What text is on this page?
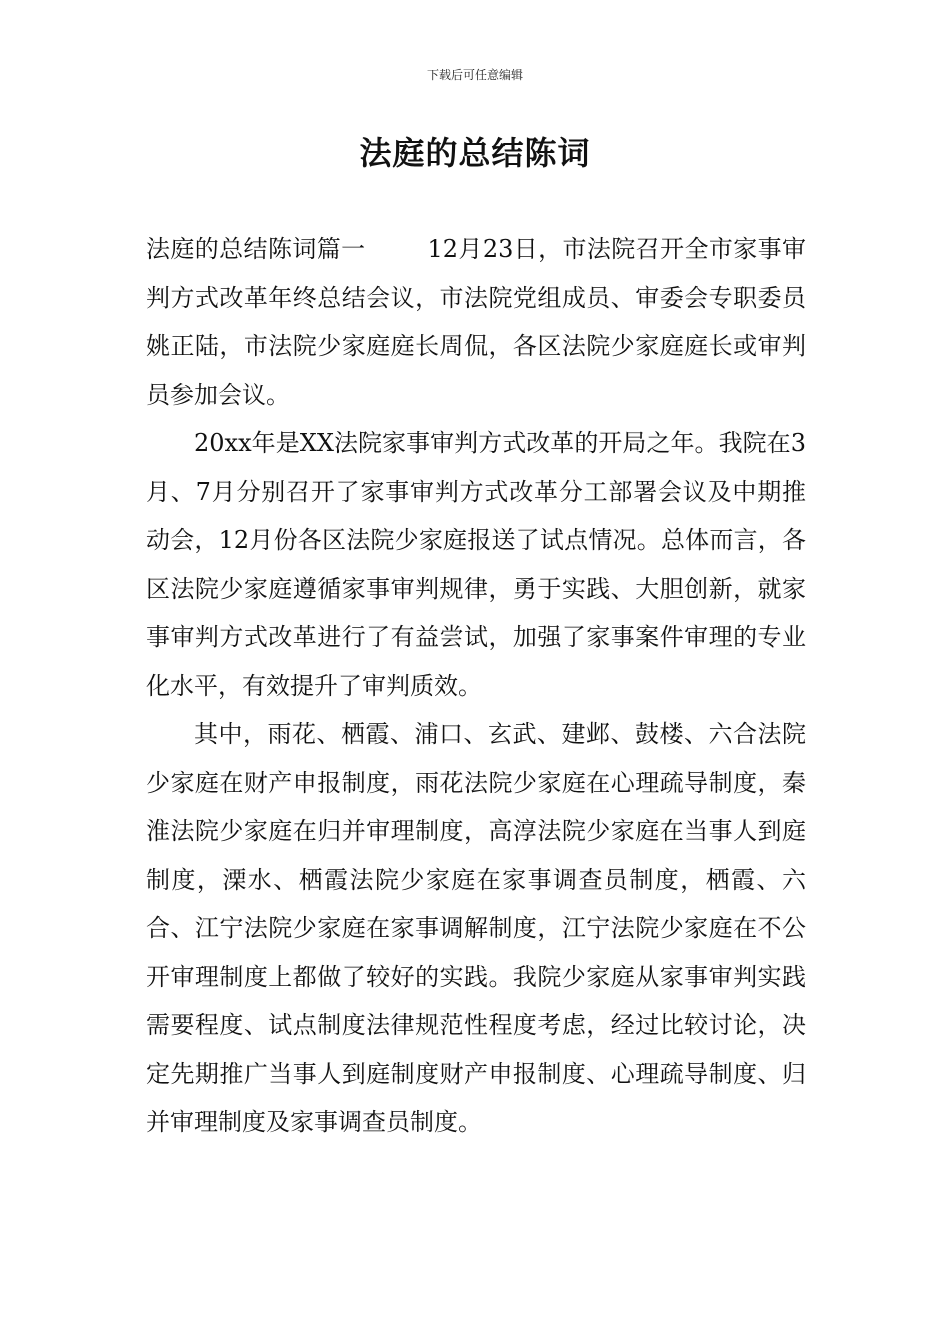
下载后可任意编辑
法庭的总结陈词

法庭的总结陈词篇一	12月23日，市法院召开全市家事审判方式改革年终总结会议，市法院党组成员、审委会专职委员姚正陆，市法院少家庭庭长周侃，各区法院少家庭庭长或审判员参加会议。

20xx年是XX法院家事审判方式改革的开局之年。我院在3月、7月分别召开了家事审判方式改革分工部署会议及中期推动会，12月份各区法院少家庭报送了试点情况。总体而言，各区法院少家庭遵循家事审判规律，勇于实践、大胆创新，就家事审判方式改革进行了有益尝试，加强了家事案件审理的专业化水平，有效提升了审判质效。

其中，雨花、栖霞、浦口、玄武、建邺、鼓楼、六合法院少家庭在财产申报制度，雨花法院少家庭在心理疏导制度，秦淮法院少家庭在归并审理制度，高淳法院少家庭在当事人到庭制度，溧水、栖霞法院少家庭在家事调查员制度，栖霞、六合、江宁法院少家庭在家事调解制度，江宁法院少家庭在不公开审理制度上都做了较好的实践。我院少家庭从家事审判实践需要程度、试点制度法律规范性程度考虑，经过比较讨论，决定先期推广当事人到庭制度财产申报制度、心理疏导制度、归并审理制度及家事调查员制度。
